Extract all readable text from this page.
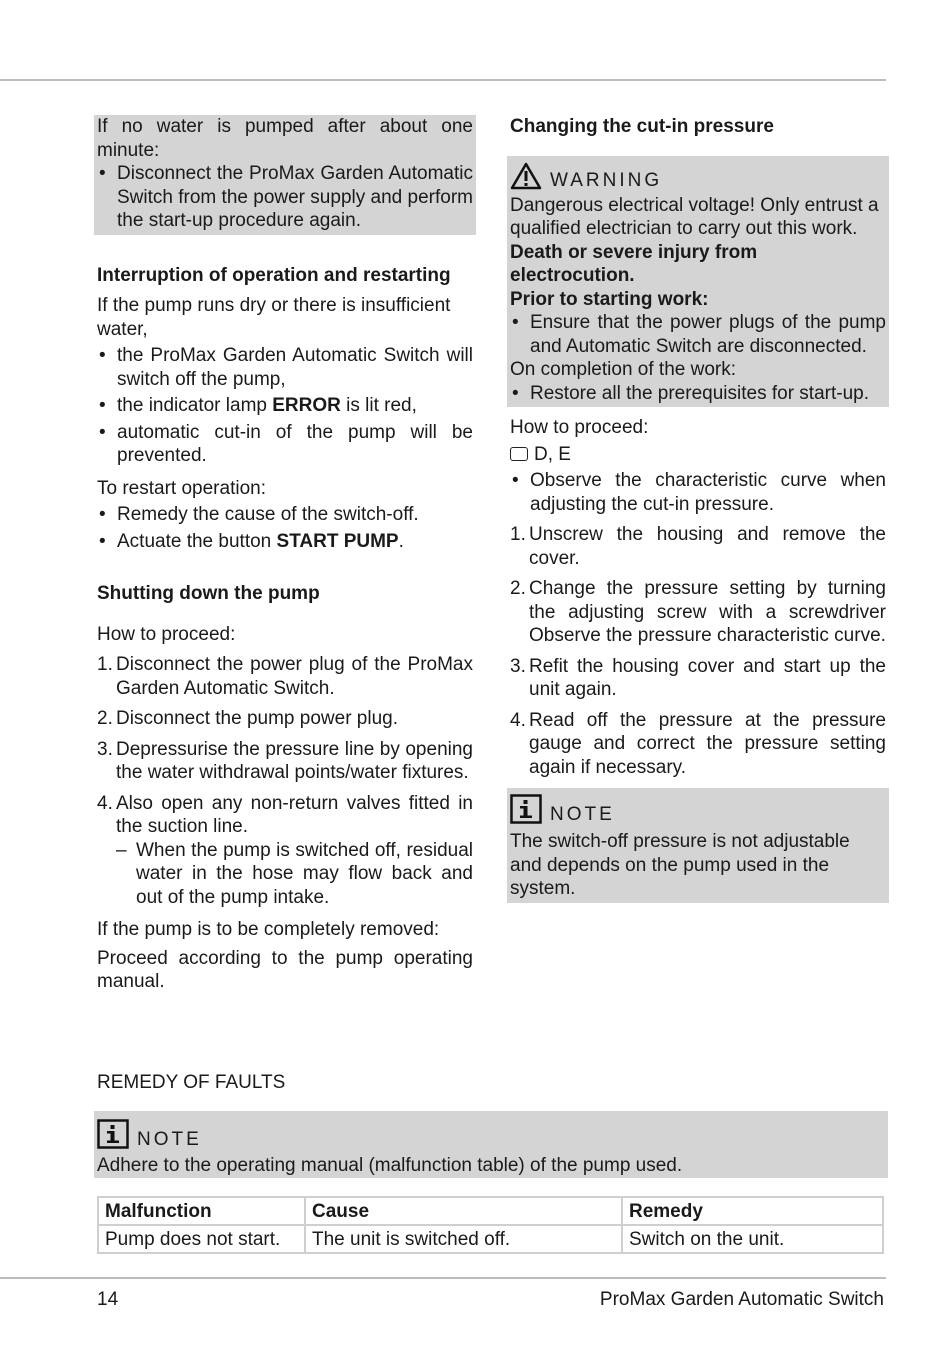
If no water is pumped after about one minute:

• Disconnect the ProMax Garden Automatic Switch from the power supply and perform the start-up procedure again.
Interruption of operation and restarting

If the pump runs dry or there is insufficient water,

• the ProMax Garden Automatic Switch will switch off the pump,
• the indicator lamp ERROR is lit red,
• automatic cut-in of the pump will be prevented.

To restart operation:

• Remedy the cause of the switch-off.
• Actuate the button START PUMP.
Shutting down the pump

How to proceed:

1. Disconnect the power plug of the ProMax Garden Automatic Switch.
2. Disconnect the pump power plug.
3. Depressurise the pressure line by opening the water withdrawal points/water fixtures.
4. Also open any non-return valves fitted in the suction line.
– When the pump is switched off, residual water in the hose may flow back and out of the pump intake.

If the pump is to be completely removed:

Proceed according to the pump operating manual.

Changing the cut-in pressure
WARNING

Dangerous electrical voltage! Only entrust a qualified electrician to carry out this work.

Death or severe injury from electrocution.

Prior to starting work:

• Ensure that the power plugs of the pump and Automatic Switch are disconnected.

On completion of the work:

• Restore all the prerequisites for start-up.

How to proceed:

D, E

• Observe the characteristic curve when adjusting the cut-in pressure.
1. Unscrew the housing and remove the cover.
2. Change the pressure setting by turning the adjusting screw with a screwdriver Observe the pressure characteristic curve.
3. Refit the housing cover and start up the unit again.
4. Read off the pressure at the pressure gauge and correct the pressure setting again if necessary.
NOTE

The switch-off pressure is not adjustable and depends on the pump used in the system.

REMEDY OF FAULTS
NOTE

Adhere to the operating manual (malfunction table) of the pump used.

Malfunction	Cause	Remedy
Pump does not start.	The unit is switched off.	Switch on the unit.
14	ProMax Garden Automatic Switch
